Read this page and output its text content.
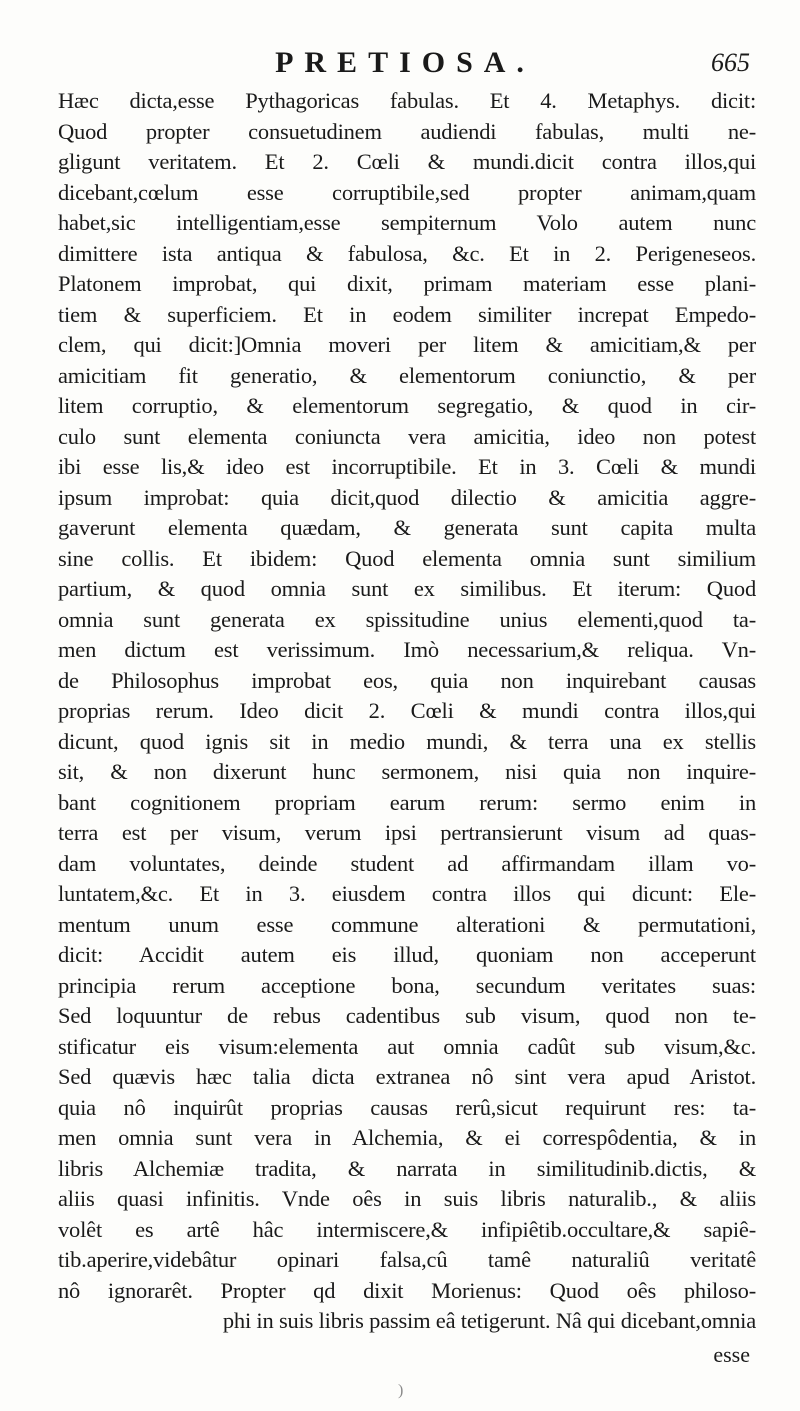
PRETIOSA.	665
Hæc dicta,esse Pythagoricas fabulas. Et 4. Metaphys. dicit:
Quod propter consuetudinem audiendi fabulas, multi ne-
gligunt veritatem. Et 2. Cœli & mundi.dicit contra illos,qui
dicebant,cœlum esse corruptibile,sed propter animam,quam
habet,sic intelligentiam,esse sempiternum Volo autem nunc
dimittere ista antiqua & fabulosa, &c. Et in 2. Perigeneseos.
Platonem improbat, qui dixit, primam materiam esse plani-
tiem & superficiem. Et in eodem similiter increpat Empedo-
clem, qui dicit:]Omnia moveri per litem & amicitiam,& per
amicitiam fit generatio, & elementorum coniunctio, & per
litem corruptio, & elementorum segregatio, & quod in cir-
culo sunt elementa coniuncta vera amicitia, ideo non potest
ibi esse lis,& ideo est incorruptibile. Et in 3. Cœli & mundi
ipsum improbat: quia dicit,quod dilectio & amicitia aggre-
gaverunt elementa quædam, & generata sunt capita multa
sine collis. Et ibidem: Quod elementa omnia sunt similium
partium, & quod omnia sunt ex similibus. Et iterum: Quod
omnia sunt generata ex spissitudine unius elementi,quod ta-
men dictum est verissimum. Imò necessarium,& reliqua. Vn-
de Philosophus improbat eos, quia non inquirebant causas
proprias rerum. Ideo dicit 2. Cœli & mundi contra illos,qui
dicunt, quod ignis sit in medio mundi, & terra una ex stellis
sit, & non dixerunt hunc sermonem, nisi quia non inquire-
bant cognitionem propriam earum rerum: sermo enim in
terra est per visum, verum ipsi pertransierunt visum ad quas-
dam voluntates, deinde student ad affirmandam illam vo-
luntatem,&c. Et in 3. eiusdem contra illos qui dicunt: Ele-
mentum unum esse commune alterationi & permutationi,
dicit: Accidit autem eis illud, quoniam non acceperunt
principia rerum acceptione bona, secundum veritates suas:
Sed loquuntur de rebus cadentibus sub visum, quod non te-
stificatur eis visum:elementa aut omnia cadût sub visum,&c.
Sed quævis hæc talia dicta extranea nô sint vera apud Aristot.
quia nô inquirût proprias causas rerû,sicut requirunt res: ta-
men omnia sunt vera in Alchemia, & ei correspôdentia, & in
libris Alchemiæ tradita, & narrata in similitudinib.dictis, &
aliis quasi infinitis. Vnde oês in suis libris naturalib., & aliis
volêt es artê hâc intermiscere,& infipiêtib.occultare,& sapiê-
tib.aperire,videbâtur opinari falsa,cû tamê naturaliû veritatê
nô ignorarêt. Propter qd dixit Morienus: Quod oês philoso-
phi in suis libris passim eâ tetigerunt. Nâ qui dicebant,omnia
esse
)
